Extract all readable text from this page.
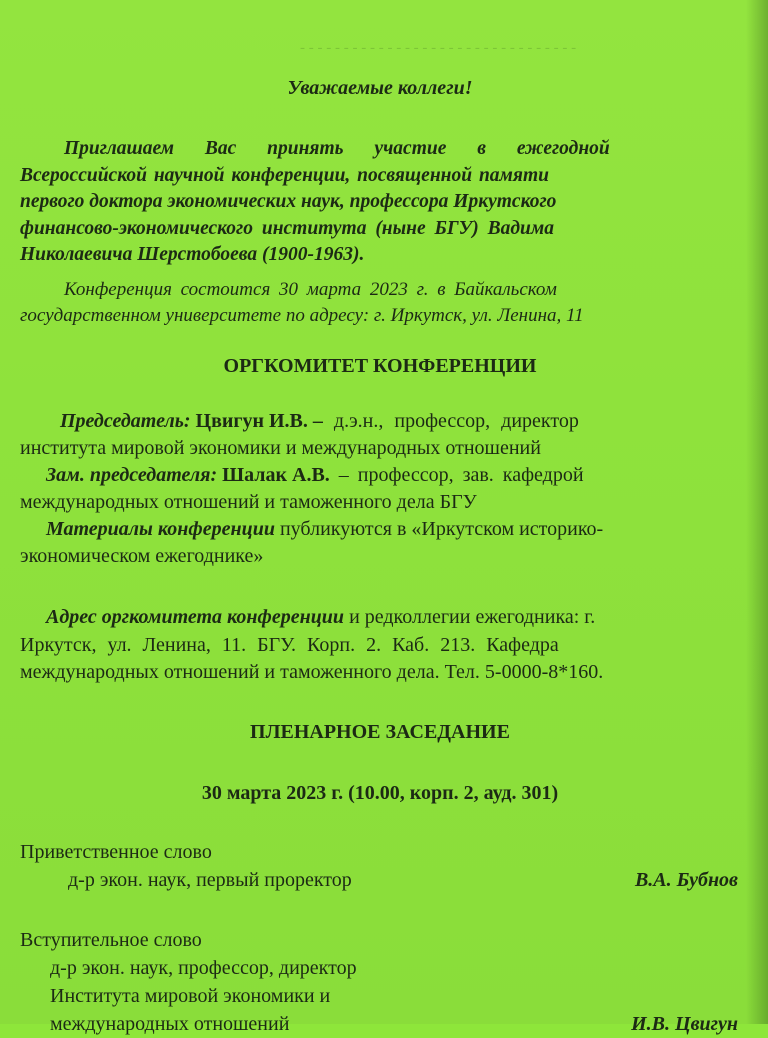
- - - - - - - - - - - - - - - - - - - - - - - - - - - - - - - -
Уважаемые коллеги!
Приглашаем Вас принять участие в ежегодной
Всероссийской научной конференции, посвященной памяти
первого доктора экономических наук, профессора Иркутского
финансово-экономического института (ныне БГУ) Вадима
Николаевича Шерстобоева (1900-1963).
Конференция состоится 30 марта 2023 г. в Байкальском
государственном университете по адресу: г. Иркутск, ул. Ленина, 11
ОРГКОМИТЕТ КОНФЕРЕНЦИИ
Председатель: Цвигун И.В. – д.э.н., профессор, директор
института мировой экономики и международных отношений
Зам. председателя: Шалак А.В. – профессор, зав. кафедрой
международных отношений и таможенного дела БГУ
Материалы конференции публикуются в «Иркутском историко-
экономическом ежегоднике»
Адрес оргкомитета конференции и редколлегии ежегодника: г.
Иркутск, ул. Ленина, 11. БГУ. Корп. 2. Каб. 213. Кафедра
международных отношений и таможенного дела. Тел. 5-0000-8*160.
ПЛЕНАРНОЕ ЗАСЕДАНИЕ
30 марта 2023 г. (10.00, корп. 2, ауд. 301)
Приветственное слово
д-р экон. наук, первый проректор	В.А. Бубнов
Вступительное слово
д-р экон. наук, профессор, директор
Института мировой экономики и
международных отношений	И.В. Цвигун
